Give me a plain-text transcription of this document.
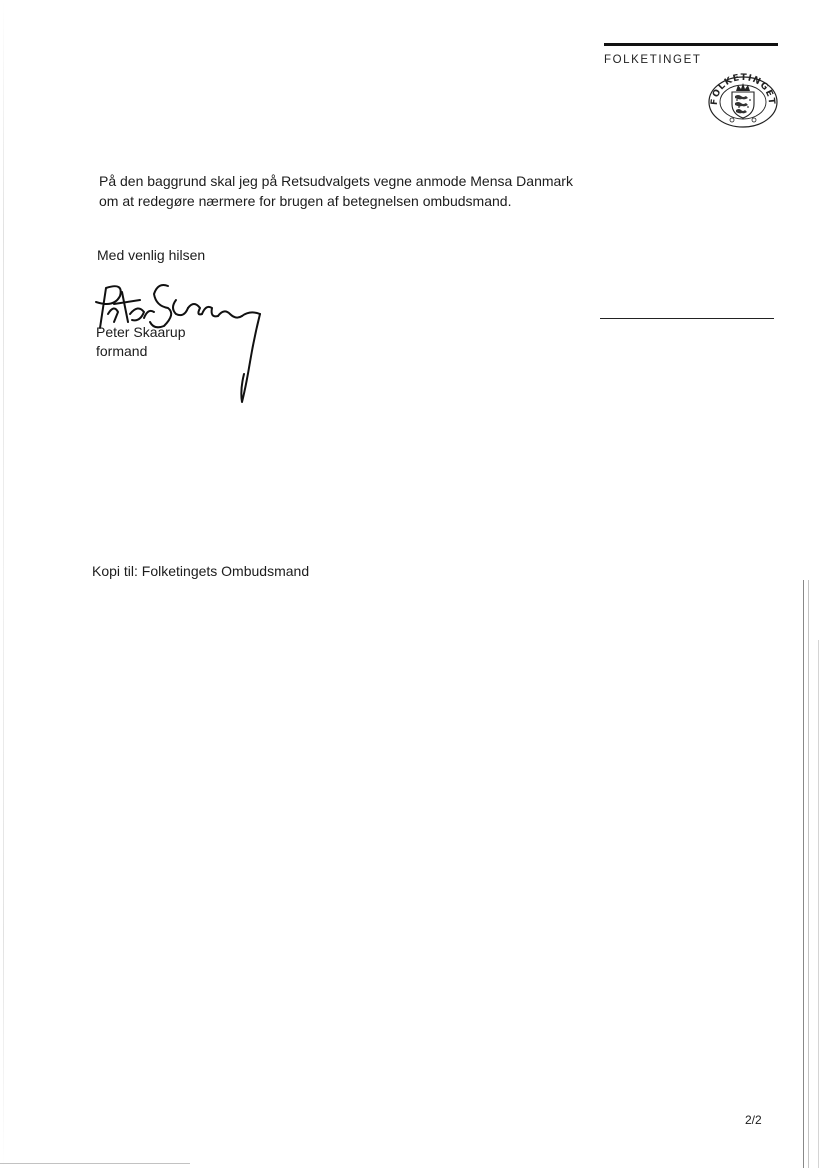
FOLKETINGET
FOLKETINGET
På den baggrund skal jeg på Retsudvalgets vegne anmode Mensa Danmark
om at redegøre nærmere for brugen af betegnelsen ombudsmand.
Med venlig hilsen
Peter Skaarup
formand
Kopi til: Folketingets Ombudsmand
2/2
